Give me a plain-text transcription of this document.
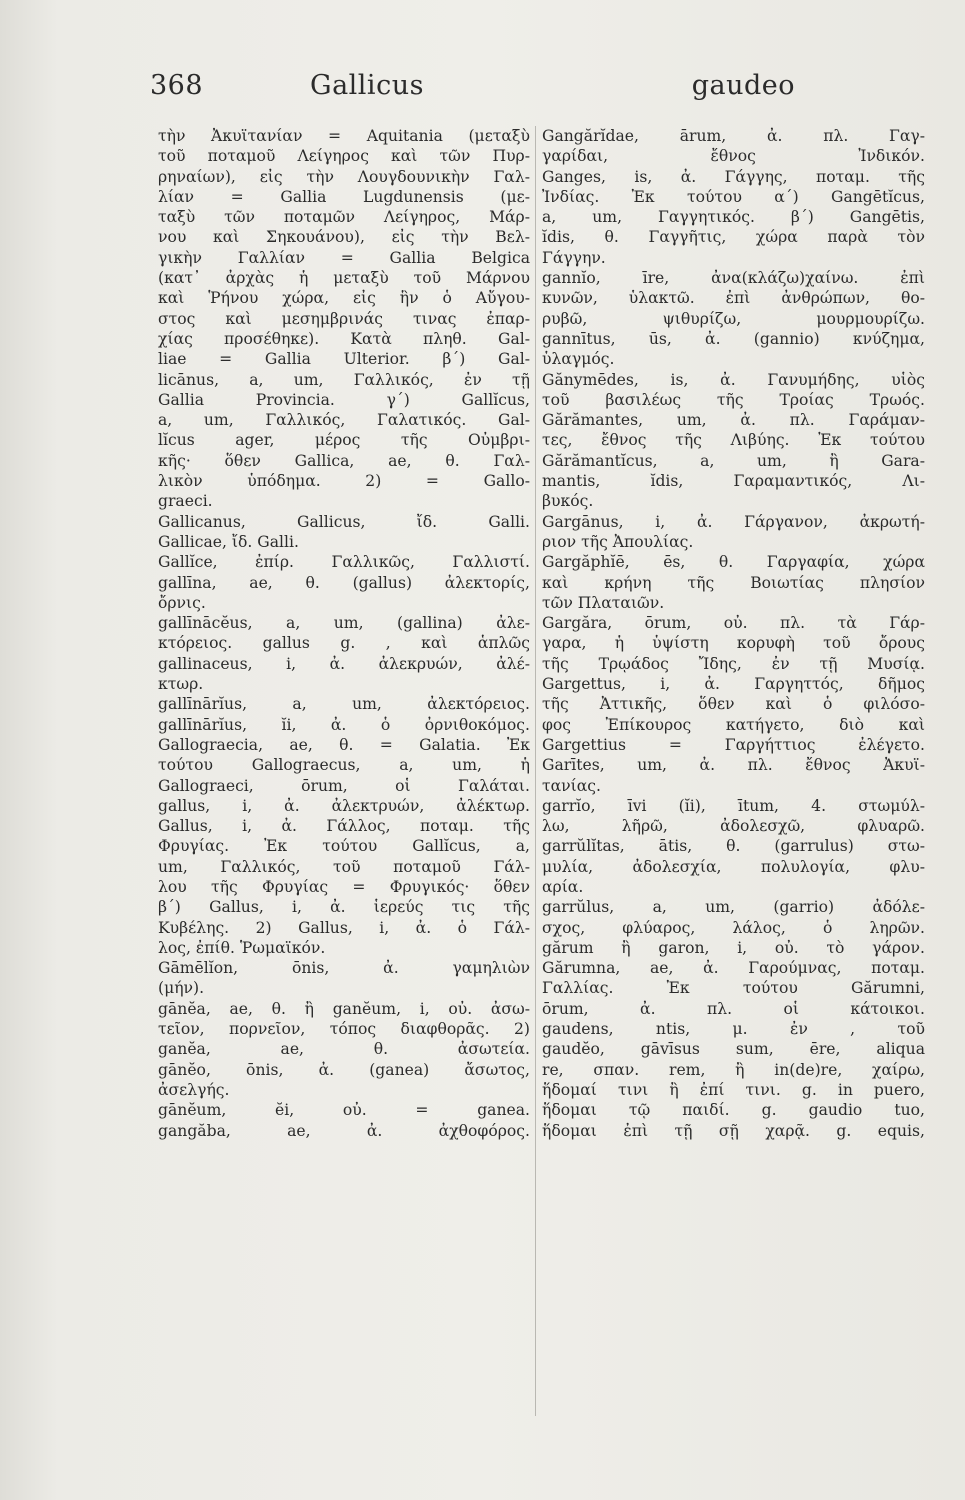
368	Gallicus	gaudeo
τὴν Ἀκυϊτανίαν = Aquitania (μεταξὺ
τοῦ ποταμοῦ Λείγηρος καὶ τῶν Πυρ-
ρηναίων), εἰς τὴν Λουγδουνικὴν Γαλ-
λίαν = Gallia Lugdunensis (με-
ταξὺ τῶν ποταμῶν Λείγηρος, Μάρ-
νου καὶ Σηκουάνου), εἰς τὴν Βελ-
γικὴν Γαλλίαν = Gallia Belgica
(κατ᾽ ἀρχὰς ἡ μεταξὺ τοῦ Μάρνου
καὶ Ῥήνου χώρα, εἰς ἣν ὁ Αὔγου-
στος καὶ μεσημβρινάς τινας ἐπαρ-
χίας προσέθηκε). Κατὰ πληθ. Gal-
liae = Gallia Ulterior. β΄) Gal-
licānus, a, um, Γαλλικός, ἐν τῇ
Gallia Provincia. γ΄) Gallĭcus,
a, um, Γαλλικός, Γαλατικός. Gal-
lĭcus ager, μέρος τῆς Οὐμβρι-
κῆς· ὅθεν Gallica, ae, θ. Γαλ-
λικὸν ὑπόδημα. 2) = Gallo-
graeci.
Gallicanus, Gallicus, ἴδ. Galli.
Gallicae, ἴδ. Galli.
Gallĭce, ἐπίρ. Γαλλικῶς, Γαλλιστί.
gallīna, ae, θ. (gallus) ἀλεκτορίς,
ὄρνις.
gallīnācĕus, a, um, (gallina) ἀλε-
κτόρειος. gallus g. , καὶ ἁπλῶς
gallinaceus, i, ἀ. ἀλεκρυών, ἀλέ-
κτωρ.
gallīnārĭus, a, um, ἀλεκτόρειος.
gallīnārĭus, ĭi, ἀ. ὁ ὀρνιθοκόμος.
Gallograecia, ae, θ. = Galatia. Ἐκ
τούτου Gallograecus, a, um, ἡ
Gallograeci, ōrum, οἱ Γαλάται.
gallus, i, ἀ. ἀλεκτρυών, ἀλέκτωρ.
Gallus, i, ἀ. Γάλλος, ποταμ. τῆς
Φρυγίας. Ἐκ τούτου Gallĭcus, a,
um, Γαλλικός, τοῦ ποταμοῦ Γάλ-
λου τῆς Φρυγίας = Φρυγικός· ὅθεν
β΄) Gallus, i, ἀ. ἱερεύς τις τῆς
Κυβέλης. 2) Gallus, i, ἀ. ὁ Γάλ-
λος, ἐπίθ. Ῥωμαϊκόν.
Gāmēlĭon, ōnis, ἀ. γαμηλιὼν
(μήν).
gānĕa, ae, θ. ἢ ganĕum, i, οὐ. ἀσω-
τεῖον, πορνεῖον, τόπος διαφθορᾶς. 2)
ganĕa, ae, θ. ἀσωτεία.
gānĕo, ōnis, ἀ. (ganea) ἄσωτος,
ἀσελγής.
gānĕum, ĕi, οὐ. = ganea.
gangăba, ae, ἀ. ἀχθοφόρος.
Gangărĭdae, ārum, ἀ. πλ. Γαγ-
γαρίδαι, ἔθνος Ἰνδικόν.
Ganges, is, ἀ. Γάγγης, ποταμ. τῆς
Ἰνδίας. Ἐκ τούτου α΄) Gangētĭcus,
a, um, Γαγγητικός. β΄) Gangētis,
ĭdis, θ. Γαγγῆτις, χώρα παρὰ τὸν
Γάγγην.
gannĭo, īre, ἀνα(κλάζω)χαίνω. ἐπὶ
κυνῶν, ὑλακτῶ. ἐπὶ ἀνθρώπων, θο-
ρυβῶ, ψιθυρίζω, μουρμουρίζω.
gannītus, ūs, ἀ. (gannio) κνύζημα,
ὑλαγμός.
Gănymēdes, is, ἀ. Γανυμήδης, υἱὸς
τοῦ βασιλέως τῆς Τροίας Τρωός.
Gărămantes, um, ἀ. πλ. Γαράμαν-
τες, ἔθνος τῆς Λιβύης. Ἐκ τούτου
Gărămantĭcus, a, um, ἢ Gara-
mantis, ĭdis, Γαραμαντικός, Λι-
βυκός.
Gargānus, i, ἀ. Γάργανον, ἀκρωτή-
ριον τῆς Ἀπουλίας.
Gargăphĭē, ēs, θ. Γαργαφία, χώρα
καὶ κρήνη τῆς Βοιωτίας πλησίον
τῶν Πλαταιῶν.
Gargăra, ōrum, οὐ. πλ. τὰ Γάρ-
γαρα, ἡ ὑψίστη κορυφὴ τοῦ ὄρους
τῆς Τρῳάδος Ἴδης, ἐν τῇ Μυσίᾳ.
Gargettus, i, ἀ. Γαργηττός, δῆμος
τῆς Ἀττικῆς, ὅθεν καὶ ὁ φιλόσο-
φος Ἐπίκουρος κατήγετο, διὸ καὶ
Gargettius = Γαργήττιος ἐλέγετο.
Garītes, um, ἀ. πλ. ἔθνος Ἀκυϊ-
τανίας.
garrĭo, īvi (ĭi), ītum, 4. στωμύλ-
λω, λῆρῶ, ἀδολεσχῶ, φλυαρῶ.
garrŭlĭtas, ātis, θ. (garrulus) στω-
μυλία, ἀδολεσχία, πολυλογία, φλυ-
αρία.
garrŭlus, a, um, (garrio) ἀδόλε-
σχος, φλύαρος, λάλος, ὁ ληρῶν.
gărum ἢ garon, i, οὐ. τὸ γάρον.
Gărumna, ae, ἀ. Γαρούμνας, ποταμ.
Γαλλίας. Ἐκ τούτου Gărumni,
ōrum, ἀ. πλ. οἱ κάτοικοι.
gaudens, ntis, μ. ἐν , τοῦ
gaudĕo, gāvīsus sum, ēre, aliqua
re, σπαν. rem, ἢ in(de)re, χαίρω,
ἥδομαί τινι ἢ ἐπί τινι. g. in puero,
ἥδομαι τῷ παιδί. g. gaudio tuo,
ἥδομαι ἐπὶ τῇ σῇ χαρᾷ. g. equis,
